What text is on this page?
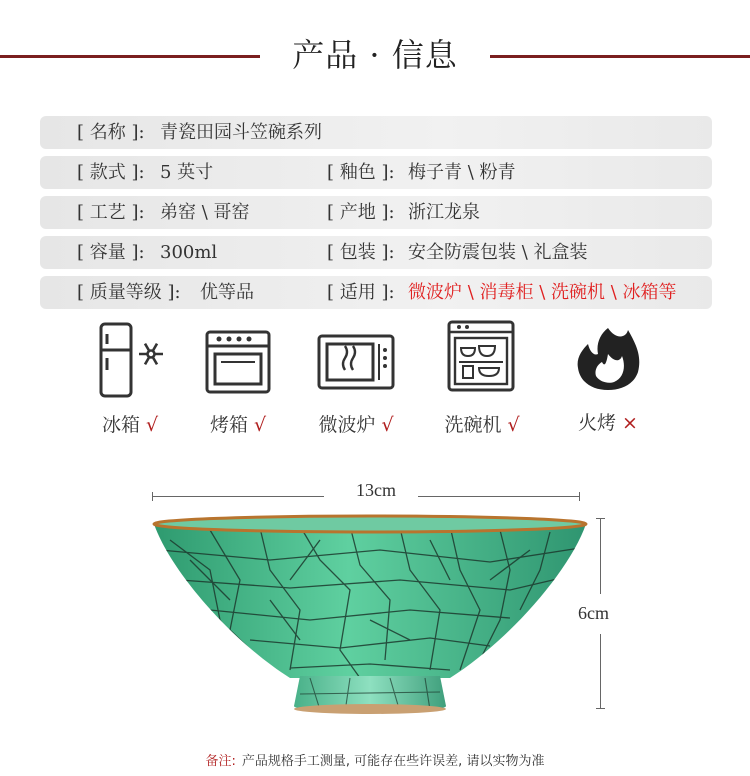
产品 · 信息
[ 名称 ]: 青瓷田园斗笠碗系列
[ 款式 ]: 5 英寸	[ 釉色 ]: 梅子青 \ 粉青
[ 工艺 ]: 弟窑 \ 哥窑	[ 产地 ]: 浙江龙泉
[ 容量 ]: 300ml	[ 包装 ]: 安全防震包装 \ 礼盒装
[ 质量等级 ]: 优等品	[ 适用 ]: 微波炉 \ 消毒柜 \ 洗碗机 \ 冰箱等
冰箱 √	烤箱 √	微波炉 √	洗碗机 √	火烤 ×
13cm
6cm
备注: 产品规格手工测量, 可能存在些许误差, 请以实物为准
